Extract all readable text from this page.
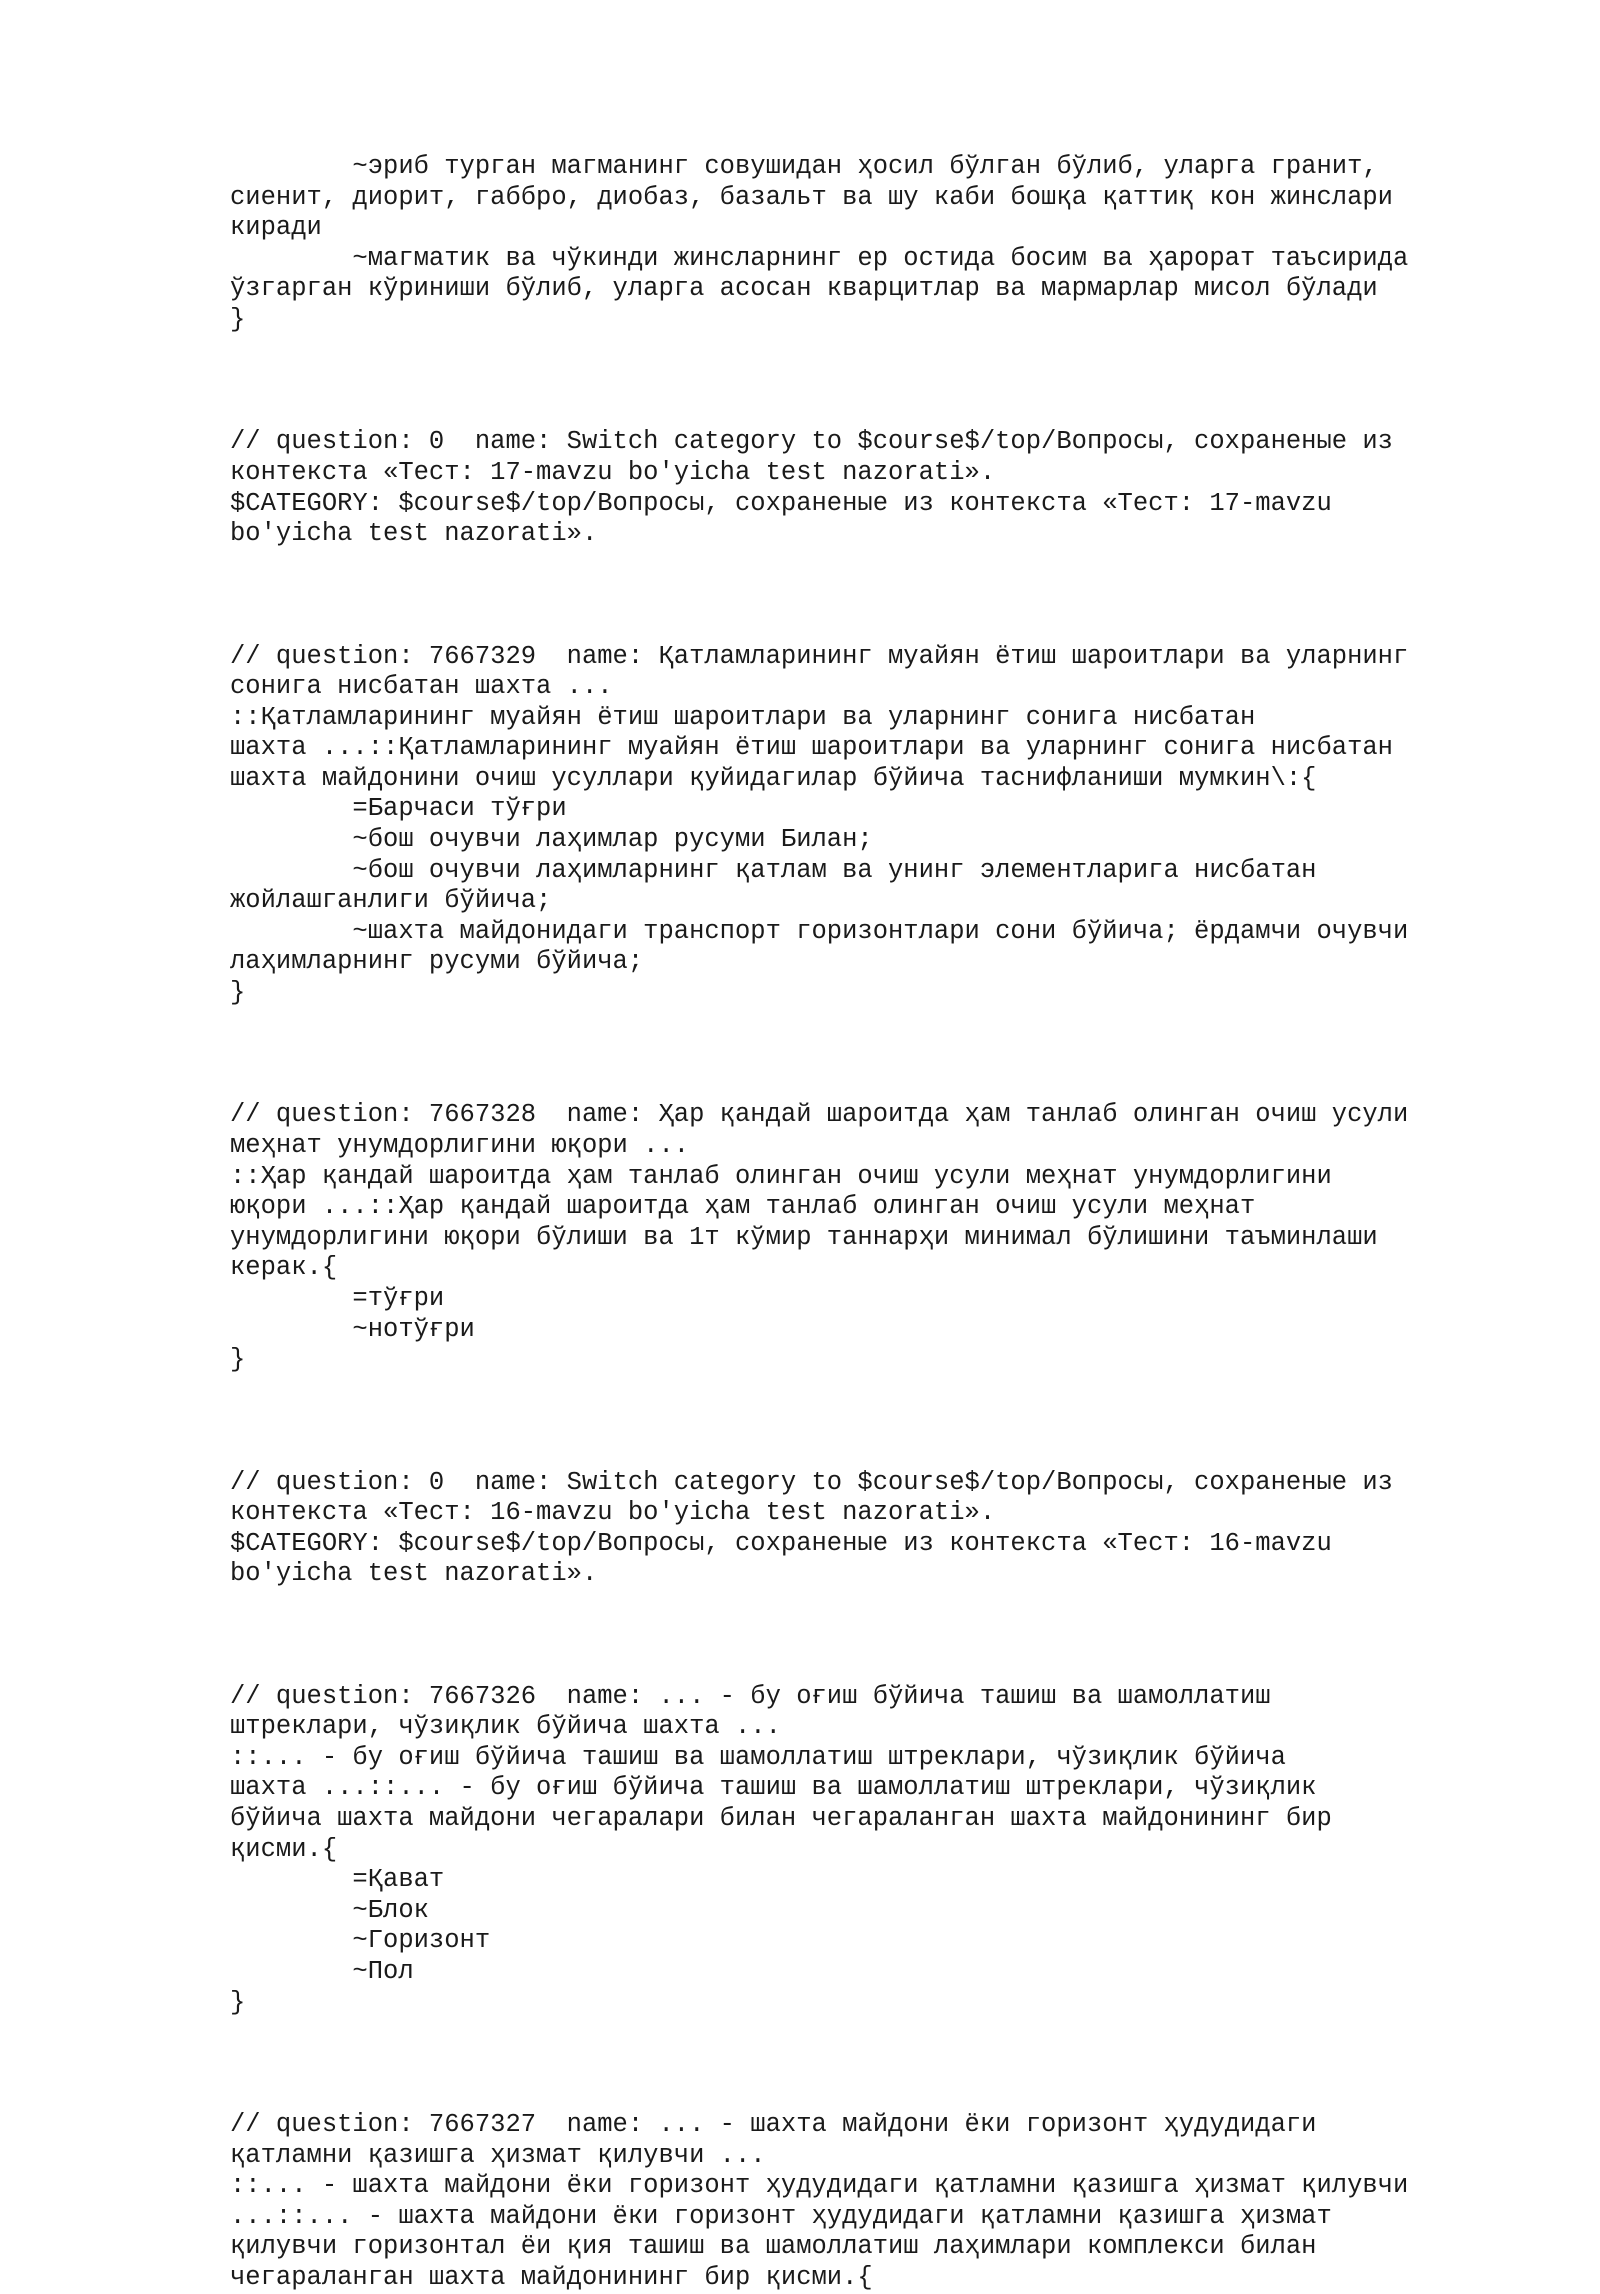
~эриб турган магманинг совушидан ҳосил бўлган бўлиб, уларга гранит,
сиенит, диорит, габбро, диобаз, базальт ва шу каби бошқа қаттиқ кон жинслари
киради
~магматик ва чўкинди жинсларнинг ер остида босим ва ҳарорат таъсирида
ўзгарган кўриниши бўлиб, уларга асосан кварцитлар ва мармарлар мисол бўлади
}
// question: 0  name: Switch category to $course$/top/Вопросы, сохраненые из
контекста «Тест: 17-mavzu bo'yicha test nazorati».
$CATEGORY: $course$/top/Вопросы, сохраненые из контекста «Тест: 17-mavzu
bo'yicha test nazorati».
// question: 7667329  name: Қатламларининг муайян ётиш шароитлари ва уларнинг
сонига нисбатан шахта ...
::Қатламларининг муайян ётиш шароитлари ва уларнинг сонига нисбатан
шахта ...::Қатламларининг муайян ётиш шароитлари ва уларнинг сонига нисбатан
шахта майдонини очиш усуллари қуйидагилар бўйича таснифланиши мумкин\:{
=Барчаси тўғри
~бош очувчи лаҳимлар русуми Билан;
~бош очувчи лаҳимларнинг қатлам ва унинг элементларига нисбатан
жойлашганлиги бўйича;
~шахта майдонидаги транспорт горизонтлари сони бўйича; ёрдамчи очувчи
лаҳимларнинг русуми бўйича;
}
// question: 7667328  name: Ҳар қандай шароитда ҳам танлаб олинган очиш усули
меҳнат унумдорлигини юқори ...
::Ҳар қандай шароитда ҳам танлаб олинган очиш усули меҳнат унумдорлигини
юқори ...::Ҳар қандай шароитда ҳам танлаб олинган очиш усули меҳнат
унумдорлигини юқори бўлиши ва 1т кўмир таннарҳи минимал бўлишини таъминлаши
керак.{
=тўғри
~нотўғри
}
// question: 0  name: Switch category to $course$/top/Вопросы, сохраненые из
контекста «Тест: 16-mavzu bo'yicha test nazorati».
$CATEGORY: $course$/top/Вопросы, сохраненые из контекста «Тест: 16-mavzu
bo'yicha test nazorati».
// question: 7667326  name: ... - бу оғиш бўйича ташиш ва шамоллатиш
штреклари, чўзиқлик бўйича шахта ...
::... - бу оғиш бўйича ташиш ва шамоллатиш штреклари, чўзиқлик бўйича
шахта ...::... - бу оғиш бўйича ташиш ва шамоллатиш штреклари, чўзиқлик
бўйича шахта майдони чегаралари билан чегараланган шахта майдонининг бир
қисми.{
=Қават
~Блок
~Горизонт
~Пол
}
// question: 7667327  name: ... - шахта майдони ёки горизонт ҳудудидаги
қатламни қазишга ҳизмат қилувчи ...
::... - шахта майдони ёки горизонт ҳудудидаги қатламни қазишга ҳизмат қилувчи
...::... - шахта майдони ёки горизонт ҳудудидаги қатламни қазишга ҳизмат
қилувчи горизонтал ёи қия ташиш ва шамоллатиш лаҳимлари комплекси билан
чегараланган шахта майдонининг бир қисми.{
